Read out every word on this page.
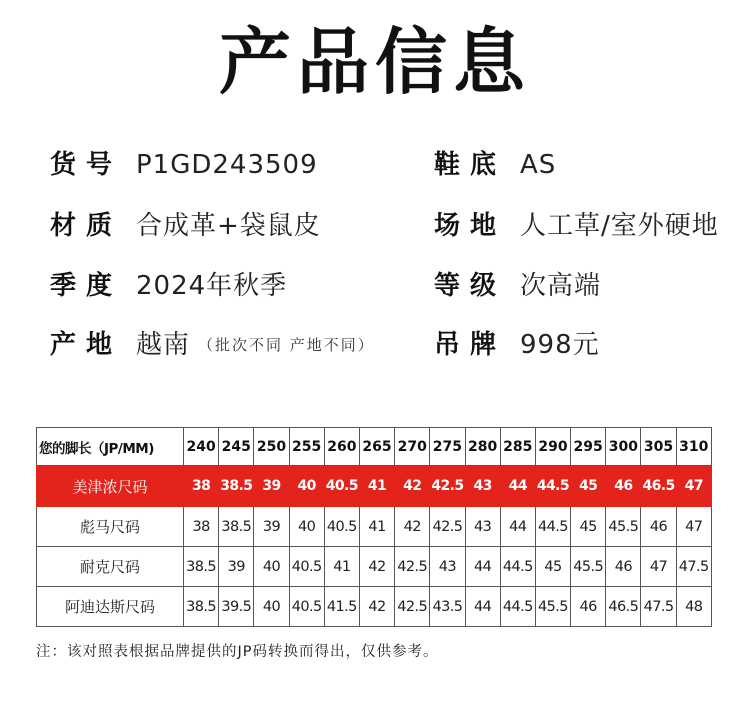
产品信息
货号 P1GD243509
材质 合成革+袋鼠皮
季度 2024年秋季
产地 越南 （批次不同 产地不同）
鞋底 AS
场地 人工草/室外硬地
等级 次高端
吊牌 998元
您的脚长（JP/MM)	240	245	250	255	260	265	270	275	280	285	290	295	300	305	310
美津浓尺码	38	38.5	39	40	40.5	41	42	42.5	43	44	44.5	45	46	46.5	47
彪马尺码	38	38.5	39	40	40.5	41	42	42.5	43	44	44.5	45	45.5	46	47
耐克尺码	38.5	39	40	40.5	41	42	42.5	43	44	44.5	45	45.5	46	47	47.5
阿迪达斯尺码	38.5	39.5	40	40.5	41.5	42	42.5	43.5	44	44.5	45.5	46	46.5	47.5	48
注：该对照表根据品牌提供的JP码转换而得出，仅供参考。
